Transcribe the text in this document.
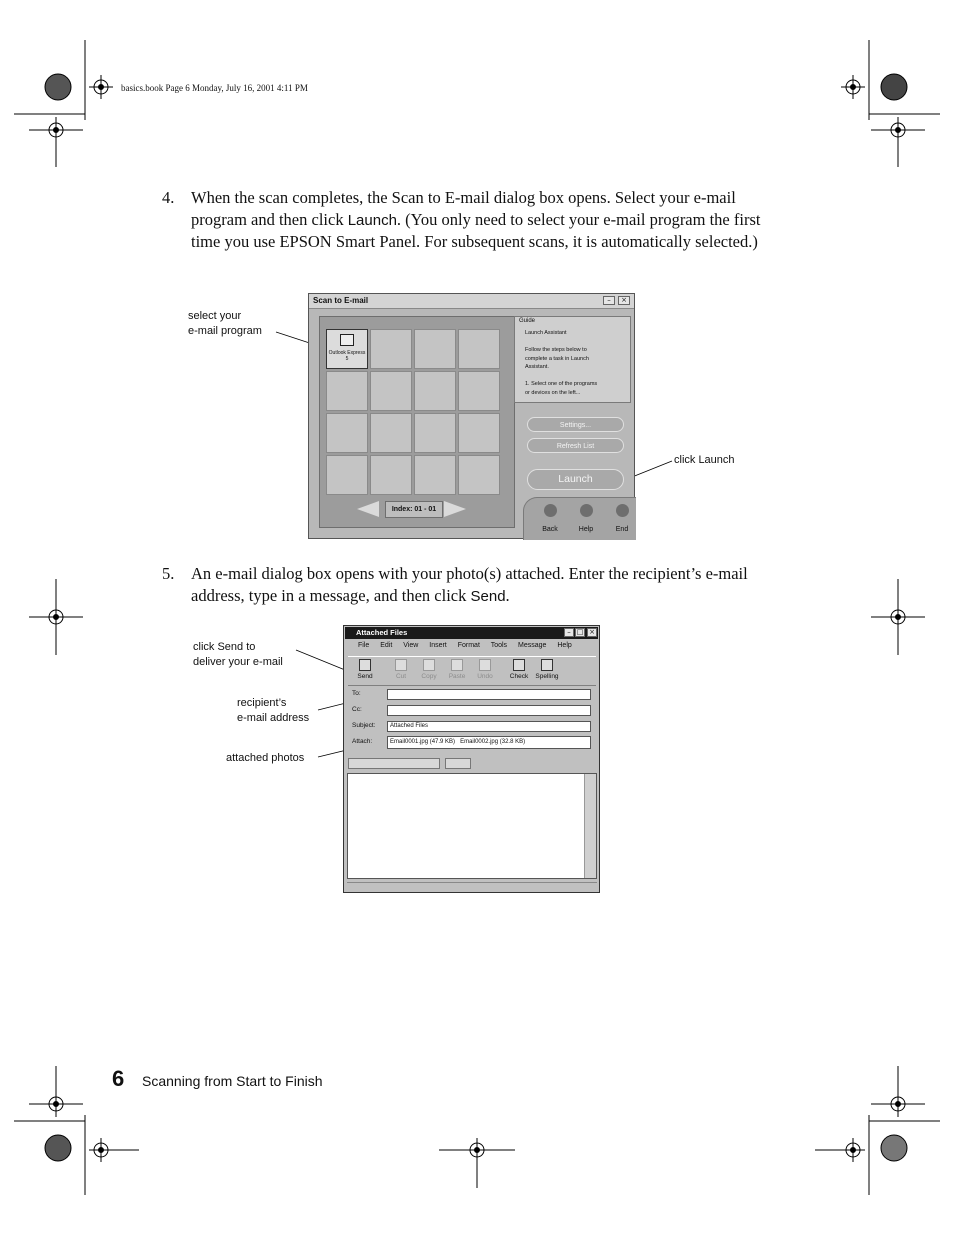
basics.book Page 6 Monday, July 16, 2001 4:11 PM
4. When the scan completes, the Scan to E-mail dialog box opens. Select your e-mail program and then click Launch. (You only need to select your e-mail program the first time you use EPSON Smart Panel. For subsequent scans, it is automatically selected.)
select your
e-mail program
click Launch
Scan to E-mail	–	×
Outlook Express 5
Index: 01 - 01
Guide
Launch Assistant

Follow the steps below to
complete a task in Launch
Assistant.

1. Select one of the programs
or devices on the left...
Settings...
Refresh List
Launch
Back	Help	End
5. An e-mail dialog box opens with your photo(s) attached. Enter the recipient’s e-mail address, type in a message, and then click Send.
click Send to
deliver your e-mail
recipient’s
e-mail address
attached photos
Attached Files	– □ ×
File Edit View Insert Format Tools Message Help
Send	Cut	Copy	Paste	Undo	Check	Spelling
To:
Cc:
Subject:	Attached Files
Attach:	Email0001.jpg (47.9 KB) Email0002.jpg (32.8 KB)
6 Scanning from Start to Finish
